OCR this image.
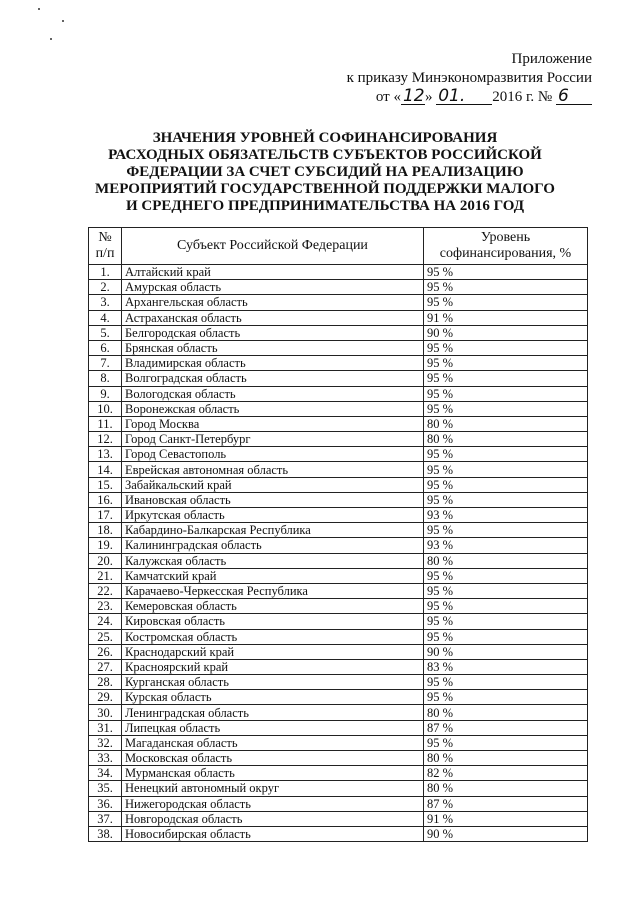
Приложение
к приказу Минэкономразвития России
от « 12» 01. 2016 г. № 6
ЗНАЧЕНИЯ УРОВНЕЙ СОФИНАНСИРОВАНИЯ
РАСХОДНЫХ ОБЯЗАТЕЛЬСТВ СУБЪЕКТОВ РОССИЙСКОЙ
ФЕДЕРАЦИИ ЗА СЧЕТ СУБСИДИЙ НА РЕАЛИЗАЦИЮ
МЕРОПРИЯТИЙ ГОСУДАРСТВЕННОЙ ПОДДЕРЖКИ МАЛОГО
И СРЕДНЕГО ПРЕДПРИНИМАТЕЛЬСТВА НА 2016 ГОД
№
п/п	Субъект Российской Федерации	Уровень
софинансирования, %

1.	Алтайский край	95 %
2.	Амурская область	95 %
3.	Архангельская область	95 %
4.	Астраханская область	91 %
5.	Белгородская область	90 %
6.	Брянская область	95 %
7.	Владимирская область	95 %
8.	Волгоградская область	95 %
9.	Вологодская область	95 %
10.	Воронежская область	95 %
11.	Город Москва	80 %
12.	Город Санкт-Петербург	80 %
13.	Город Севастополь	95 %
14.	Еврейская автономная область	95 %
15.	Забайкальский край	95 %
16.	Ивановская область	95 %
17.	Иркутская область	93 %
18.	Кабардино-Балкарская Республика	95 %
19.	Калининградская область	93 %
20.	Калужская область	80 %
21.	Камчатский край	95 %
22.	Карачаево-Черкесская Республика	95 %
23.	Кемеровская область	95 %
24.	Кировская область	95 %
25.	Костромская область	95 %
26.	Краснодарский край	90 %
27.	Красноярский край	83 %
28.	Курганская область	95 %
29.	Курская область	95 %
30.	Ленинградская область	80 %
31.	Липецкая область	87 %
32.	Магаданская область	95 %
33.	Московская область	80 %
34.	Мурманская область	82 %
35.	Ненецкий автономный округ	80 %
36.	Нижегородская область	87 %
37.	Новгородская область	91 %
38.	Новосибирская область	90 %
